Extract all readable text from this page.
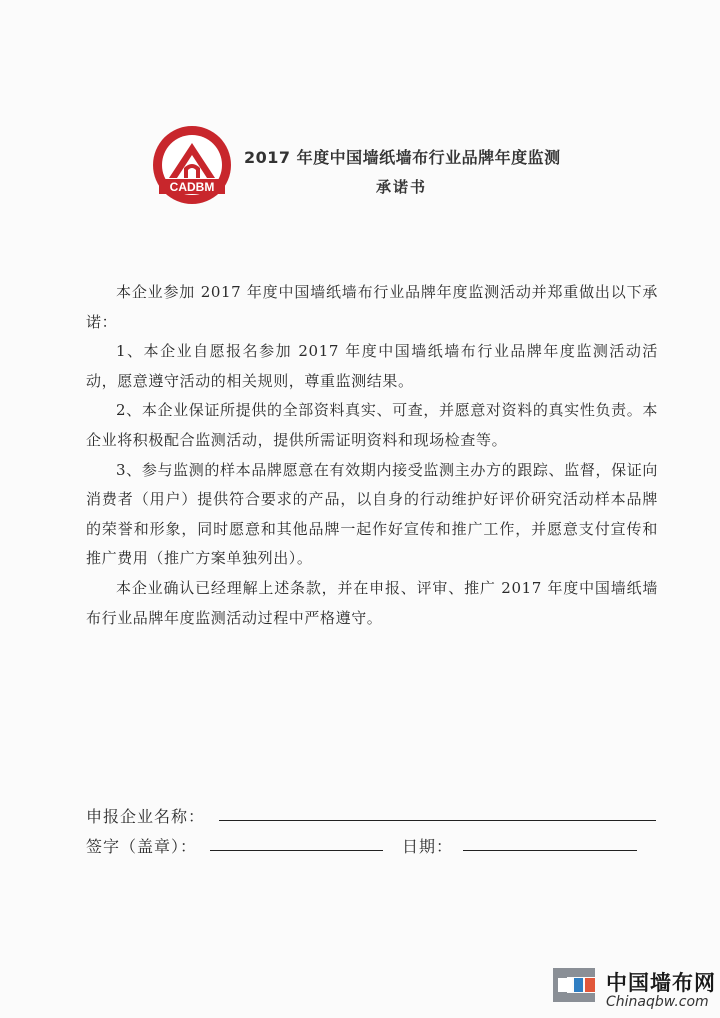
CADBM
2017 年度中国墙纸墙布行业品牌年度监测
承诺书

本企业参加 2017 年度中国墙纸墙布行业品牌年度监测活动并郑重做出以下承诺：

1、本企业自愿报名参加 2017 年度中国墙纸墙布行业品牌年度监测活动活动，愿意遵守活动的相关规则，尊重监测结果。

2、本企业保证所提供的全部资料真实、可查，并愿意对资料的真实性负责。本企业将积极配合监测活动，提供所需证明资料和现场检查等。

3、参与监测的样本品牌愿意在有效期内接受监测主办方的跟踪、监督，保证向消费者（用户）提供符合要求的产品，以自身的行动维护好评价研究活动样本品牌的荣誉和形象，同时愿意和其他品牌一起作好宣传和推广工作，并愿意支付宣传和推广费用（推广方案单独列出）。

本企业确认已经理解上述条款，并在申报、评审、推广 2017 年度中国墙纸墙布行业品牌年度监测活动过程中严格遵守。

申报企业名称：
签字（盖章）：	日期：
中国墙布网
Chinaqbw.com
